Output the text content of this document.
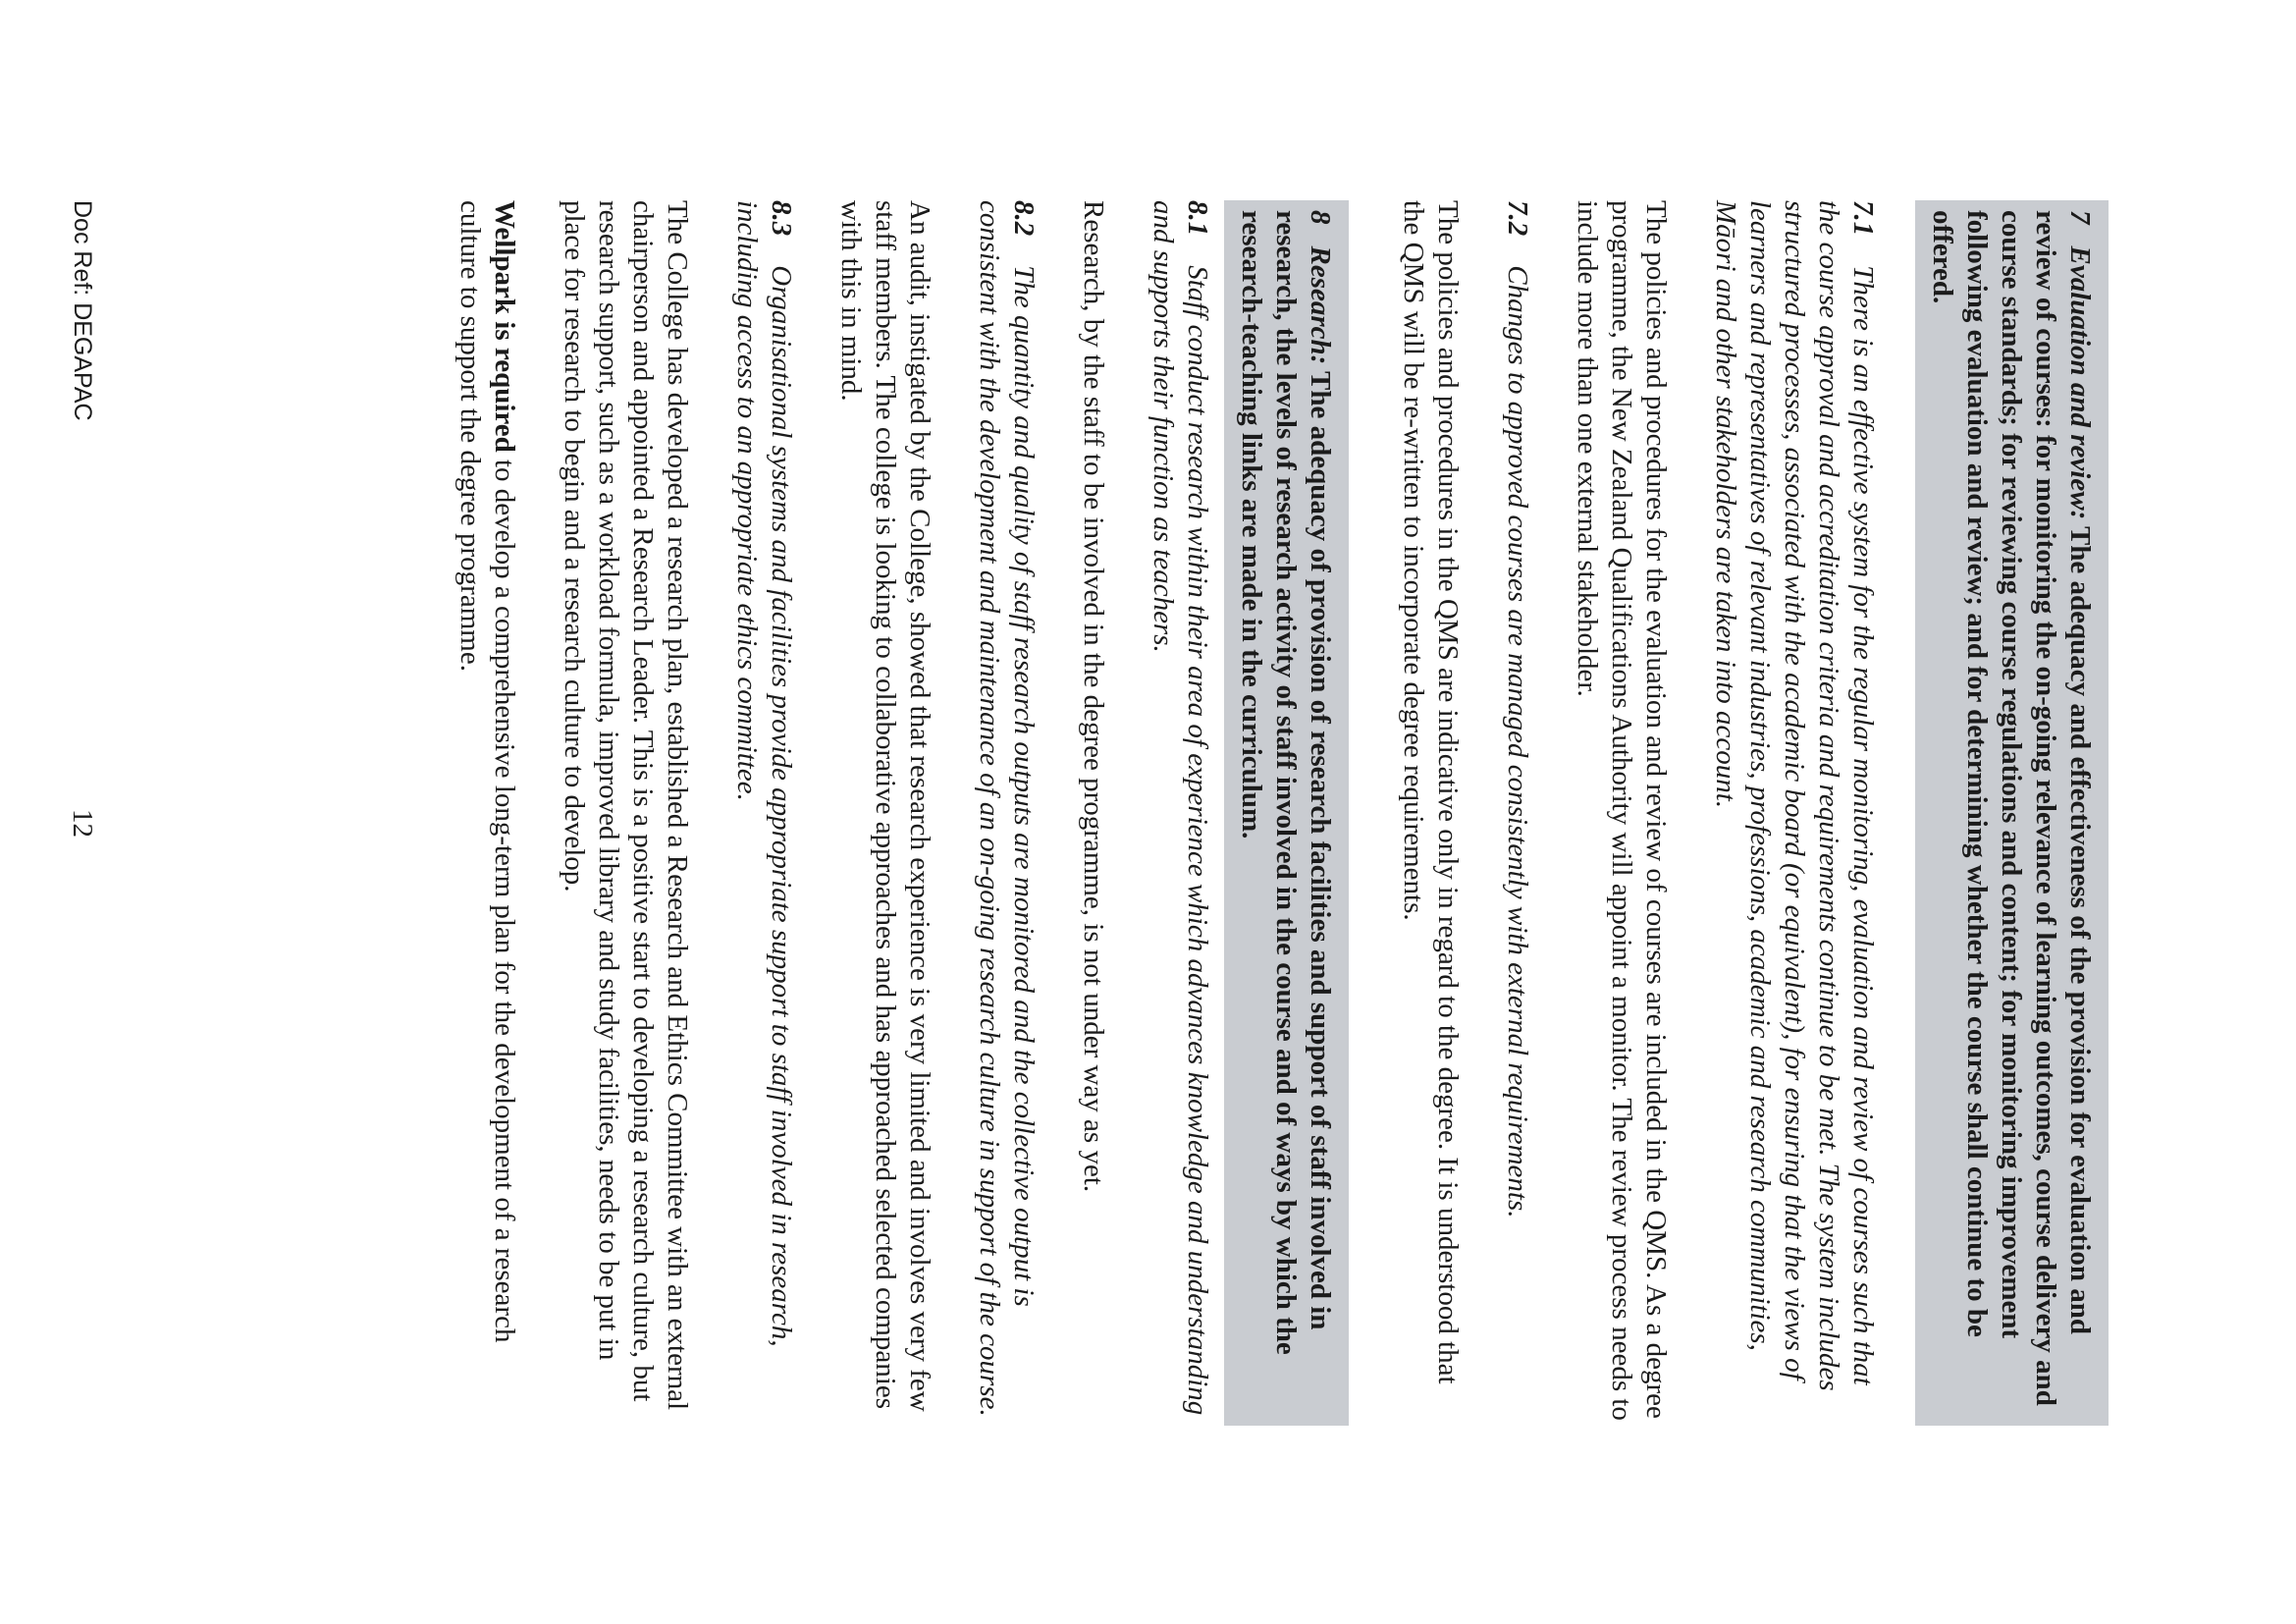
7Evaluation and review: The adequacy and effectiveness of the provision for evaluation and review of courses: for monitoring the on-going relevance of learning outcomes, course delivery and course standards; for reviewing course regulations and content; for monitoring improvement following evaluation and review; and for determining whether the course shall continue to be offered.
7.1There is an effective system for the regular monitoring, evaluation and review of courses such that the course approval and accreditation criteria and requirements continue to be met. The system includes structured processes, associated with the academic board (or equivalent), for ensuring that the views of learners and representatives of relevant industries, professions, academic and research communities, Māori and other stakeholders are taken into account.

The policies and procedures for the evaluation and review of courses are included in the QMS. As a degree programme, the New Zealand Qualifications Authority will appoint a monitor. The review process needs to include more than one external stakeholder.

7.2Changes to approved courses are managed consistently with external requirements.

The policies and procedures in the QMS are indicative only in regard to the degree. It is understood that the QMS will be re-written to incorporate degree requirements.

8Research: The adequacy of provision of research facilities and support of staff involved in research, the levels of research activity of staff involved in the course and of ways by which the research-teaching links are made in the curriculum.
8.1Staff conduct research within their area of experience which advances knowledge and understanding and supports their function as teachers.

Research, by the staff to be involved in the degree programme, is not under way as yet.

8.2The quantity and quality of staff research outputs are monitored and the collective output is consistent with the development and maintenance of an on-going research culture in support of the course.

An audit, instigated by the College, showed that research experience is very limited and involves very few staff members. The college is looking to collaborative approaches and has approached selected companies with this in mind.

8.3Organisational systems and facilities provide appropriate support to staff involved in research, including access to an appropriate ethics committee.

The College has developed a research plan, established a Research and Ethics Committee with an external chairperson and appointed a Research Leader. This is a positive start to developing a research culture, but research support, such as a workload formula, improved library and study facilities, needs to be put in place for research to begin and a research culture to develop.

Wellpark is required to develop a comprehensive long-term plan for the development of a research culture to support the degree programme.

Doc Ref: DEGAPAC
12
